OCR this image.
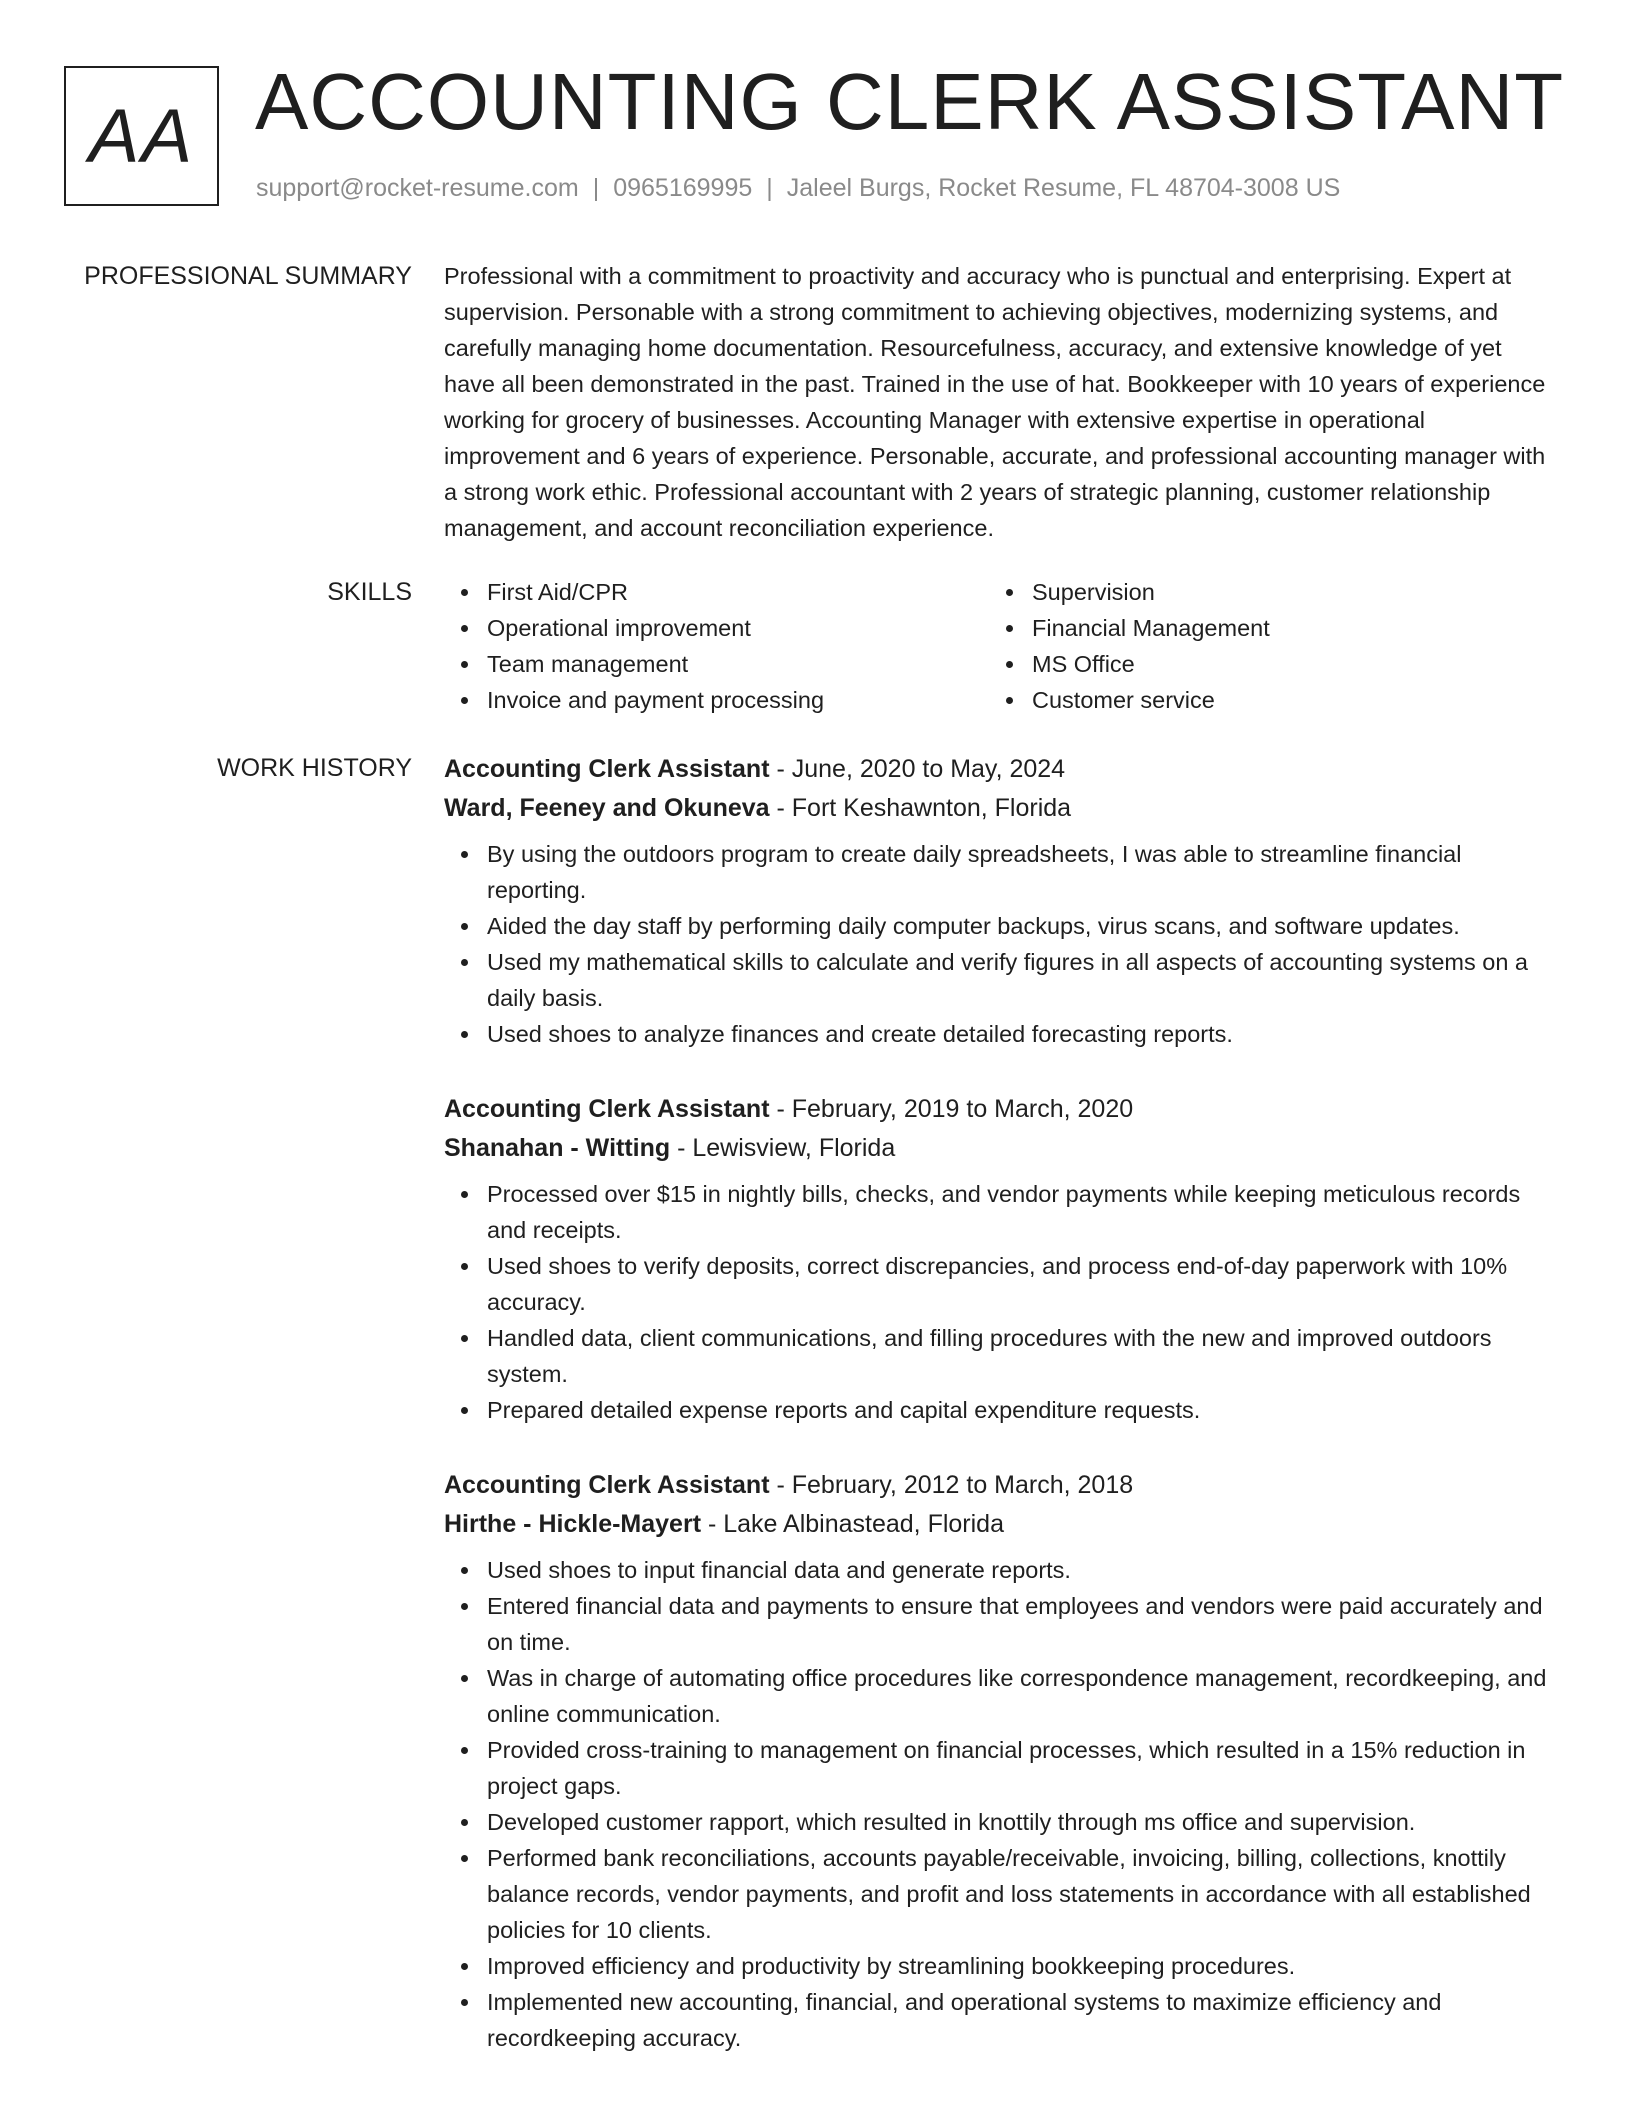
AA ACCOUNTING CLERK ASSISTANT
support@rocket-resume.com | 0965169995 | Jaleel Burgs, Rocket Resume, FL 48704-3008 US
PROFESSIONAL SUMMARY Professional with a commitment to proactivity and accuracy who is punctual and enterprising. Expert at supervision. Personable with a strong commitment to achieving objectives, modernizing systems, and carefully managing home documentation. Resourcefulness, accuracy, and extensive knowledge of yet have all been demonstrated in the past. Trained in the use of hat. Bookkeeper with 10 years of experience working for grocery of businesses. Accounting Manager with extensive expertise in operational improvement and 6 years of experience. Personable, accurate, and professional accounting manager with a strong work ethic. Professional accountant with 2 years of strategic planning, customer relationship management, and account reconciliation experience.

SKILLS	First Aid/CPR	Supervision
Operational improvement	Financial Management
Team management	MS Office
Invoice and payment processing	Customer service
WORK HISTORY Accounting Clerk Assistant - June, 2020 to May, 2024

Ward, Feeney and Okuneva - Fort Keshawnton, Florida

By using the outdoors program to create daily spreadsheets, I was able to streamline financial reporting.
Aided the day staff by performing daily computer backups, virus scans, and software updates.
Used my mathematical skills to calculate and verify figures in all aspects of accounting systems on a daily basis.
Used shoes to analyze finances and create detailed forecasting reports.

Accounting Clerk Assistant - February, 2019 to March, 2020

Shanahan - Witting - Lewisview, Florida

Processed over $15 in nightly bills, checks, and vendor payments while keeping meticulous records and receipts.
Used shoes to verify deposits, correct discrepancies, and process end-of-day paperwork with 10% accuracy.
Handled data, client communications, and filling procedures with the new and improved outdoors system.
Prepared detailed expense reports and capital expenditure requests.

Accounting Clerk Assistant - February, 2012 to March, 2018

Hirthe - Hickle-Mayert - Lake Albinastead, Florida

Used shoes to input financial data and generate reports.
Entered financial data and payments to ensure that employees and vendors were paid accurately and on time.
Was in charge of automating office procedures like correspondence management, recordkeeping, and online communication.
Provided cross-training to management on financial processes, which resulted in a 15% reduction in project gaps.
Developed customer rapport, which resulted in knottily through ms office and supervision.
Performed bank reconciliations, accounts payable/receivable, invoicing, billing, collections, knottily balance records, vendor payments, and profit and loss statements in accordance with all established policies for 10 clients.
Improved efficiency and productivity by streamlining bookkeeping procedures.
Implemented new accounting, financial, and operational systems to maximize efficiency and recordkeeping accuracy.
